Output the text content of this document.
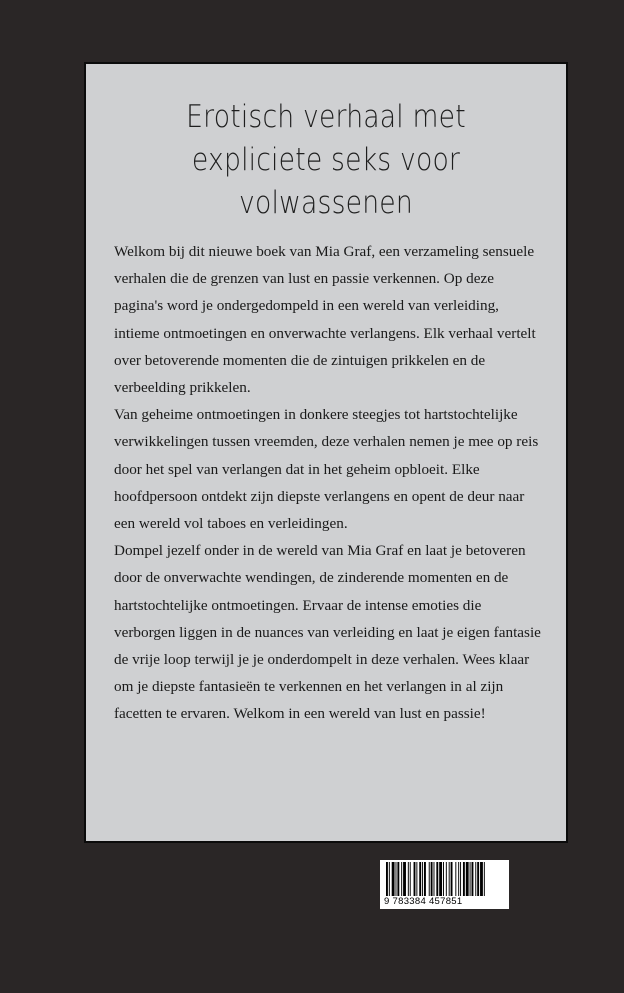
Erotisch verhaal met
expliciete seks voor
volwassenen

Welkom bij dit nieuwe boek van Mia Graf, een verzameling sensuele verhalen die de grenzen van lust en passie verkennen. Op deze pagina's word je ondergedompeld in een wereld van verleiding, intieme ontmoetingen en onverwachte verlangens. Elk verhaal vertelt over betoverende momenten die de zintuigen prikkelen en de verbeelding prikkelen.

Van geheime ontmoetingen in donkere steegjes tot hartstochtelijke verwikkelingen tussen vreemden, deze verhalen nemen je mee op reis door het spel van verlangen dat in het geheim opbloeit. Elke hoofdpersoon ontdekt zijn diepste verlangens en opent de deur naar een wereld vol taboes en verleidingen.

Dompel jezelf onder in de wereld van Mia Graf en laat je betoveren door de onverwachte wendingen, de zinderende momenten en de hartstochtelijke ontmoetingen. Ervaar de intense emoties die verborgen liggen in de nuances van verleiding en laat je eigen fantasie de vrije loop terwijl je je onderdompelt in deze verhalen. Wees klaar om je diepste fantasieën te verkennen en het verlangen in al zijn facetten te ervaren. Welkom in een wereld van lust en passie!

9 783384 457851
